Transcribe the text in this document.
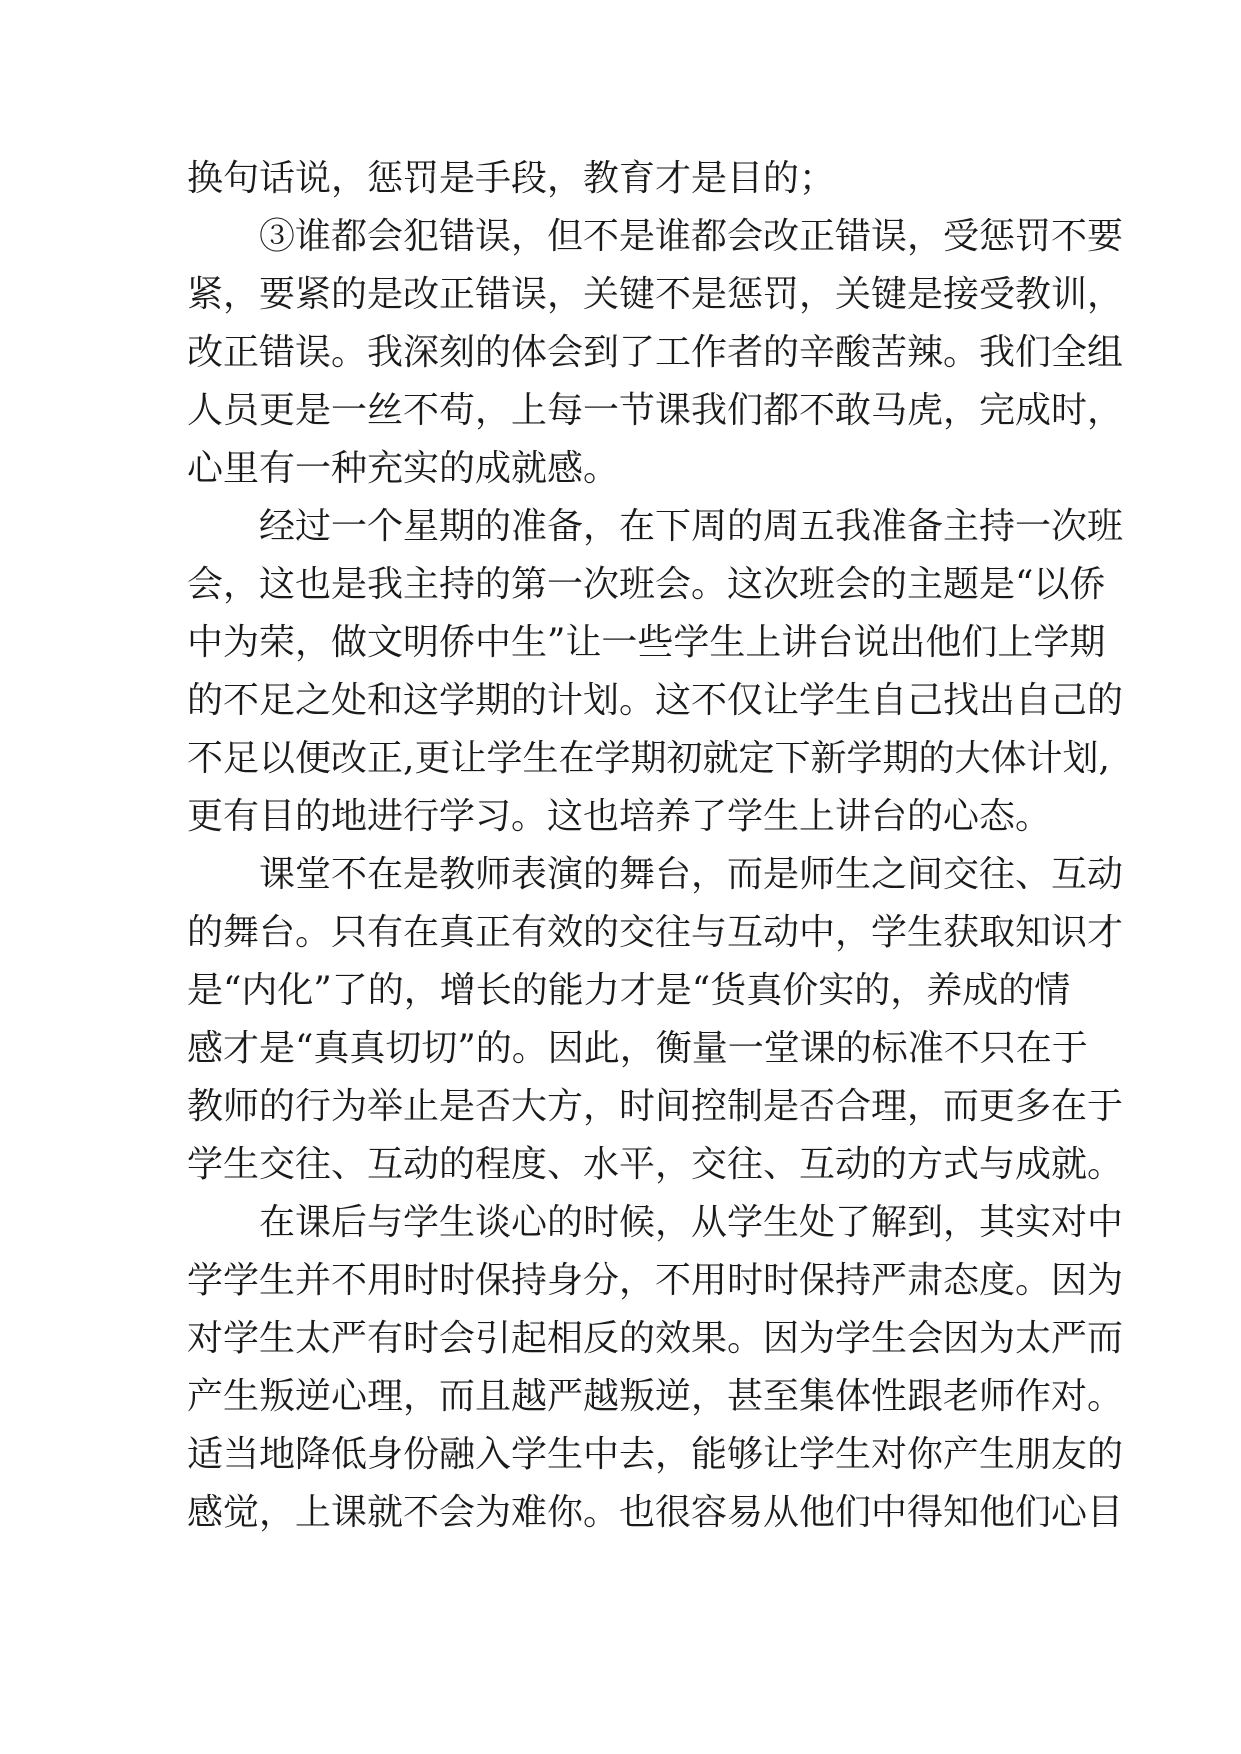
换句话说，惩罚是手段，教育才是目的；
③谁都会犯错误，但不是谁都会改正错误，受惩罚不要
紧，要紧的是改正错误，关键不是惩罚，关键是接受教训，
改正错误。我深刻的体会到了工作者的辛酸苦辣。我们全组
人员更是一丝不苟，上每一节课我们都不敢马虎，完成时，
心里有一种充实的成就感。
经过一个星期的准备，在下周的周五我准备主持一次班
会，这也是我主持的第一次班会。这次班会的主题是“以侨
中为荣，做文明侨中生”让一些学生上讲台说出他们上学期
的不足之处和这学期的计划。这不仅让学生自己找出自己的
不足以便改正,更让学生在学期初就定下新学期的大体计划,
更有目的地进行学习。这也培养了学生上讲台的心态。
课堂不在是教师表演的舞台，而是师生之间交往、互动
的舞台。只有在真正有效的交往与互动中，学生获取知识才
是“内化”了的，增长的能力才是“货真价实的，养成的情
感才是“真真切切”的。因此，衡量一堂课的标准不只在于
教师的行为举止是否大方，时间控制是否合理，而更多在于
学生交往、互动的程度、水平，交往、互动的方式与成就。
在课后与学生谈心的时候，从学生处了解到，其实对中
学学生并不用时时保持身分，不用时时保持严肃态度。因为
对学生太严有时会引起相反的效果。因为学生会因为太严而
产生叛逆心理，而且越严越叛逆，甚至集体性跟老师作对。
适当地降低身份融入学生中去，能够让学生对你产生朋友的
感觉，上课就不会为难你。也很容易从他们中得知他们心目
